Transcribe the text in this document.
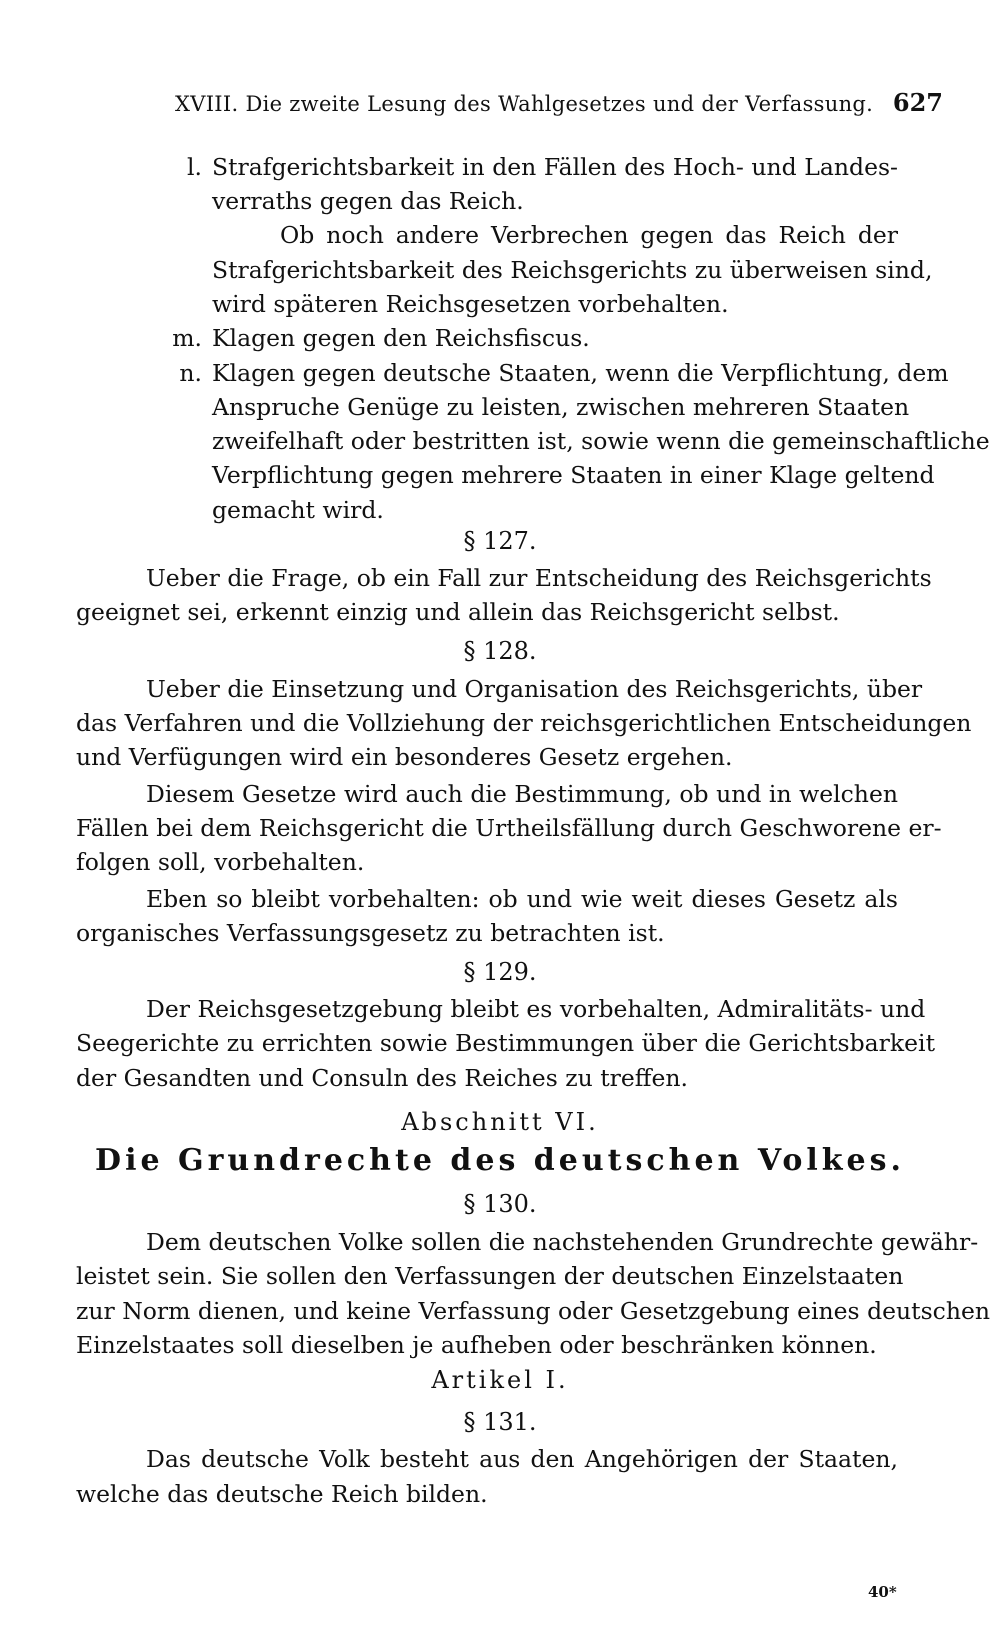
XVIII. Die zweite Lesung des Wahlgesetzes und der Verfassung. 627
l. Strafgerichtsbarkeit in den Fällen des Hoch- und Landes-
verraths gegen das Reich.
Ob noch andere Verbrechen gegen das Reich der
Strafgerichtsbarkeit des Reichsgerichts zu überweisen sind,
wird späteren Reichsgesetzen vorbehalten.
m. Klagen gegen den Reichsfiscus.
n. Klagen gegen deutsche Staaten, wenn die Verpflichtung, dem
Anspruche Genüge zu leisten, zwischen mehreren Staaten
zweifelhaft oder bestritten ist, sowie wenn die gemeinschaftliche
Verpflichtung gegen mehrere Staaten in einer Klage geltend
gemacht wird.
§ 127.
Ueber die Frage, ob ein Fall zur Entscheidung des Reichsgerichts
geeignet sei, erkennt einzig und allein das Reichsgericht selbst.
§ 128.
Ueber die Einsetzung und Organisation des Reichsgerichts, über
das Verfahren und die Vollziehung der reichsgerichtlichen Entscheidungen
und Verfügungen wird ein besonderes Gesetz ergehen.
Diesem Gesetze wird auch die Bestimmung, ob und in welchen
Fällen bei dem Reichsgericht die Urtheilsfällung durch Geschworene er-
folgen soll, vorbehalten.
Eben so bleibt vorbehalten: ob und wie weit dieses Gesetz als
organisches Verfassungsgesetz zu betrachten ist.
§ 129.
Der Reichsgesetzgebung bleibt es vorbehalten, Admiralitäts- und
Seegerichte zu errichten sowie Bestimmungen über die Gerichtsbarkeit
der Gesandten und Consuln des Reiches zu treffen.
Abschnitt VI.
Die Grundrechte des deutschen Volkes.
§ 130.
Dem deutschen Volke sollen die nachstehenden Grundrechte gewähr-
leistet sein. Sie sollen den Verfassungen der deutschen Einzelstaaten
zur Norm dienen, und keine Verfassung oder Gesetzgebung eines deutschen
Einzelstaates soll dieselben je aufheben oder beschränken können.
Artikel I.
§ 131.
Das deutsche Volk besteht aus den Angehörigen der Staaten,
welche das deutsche Reich bilden.
40*
